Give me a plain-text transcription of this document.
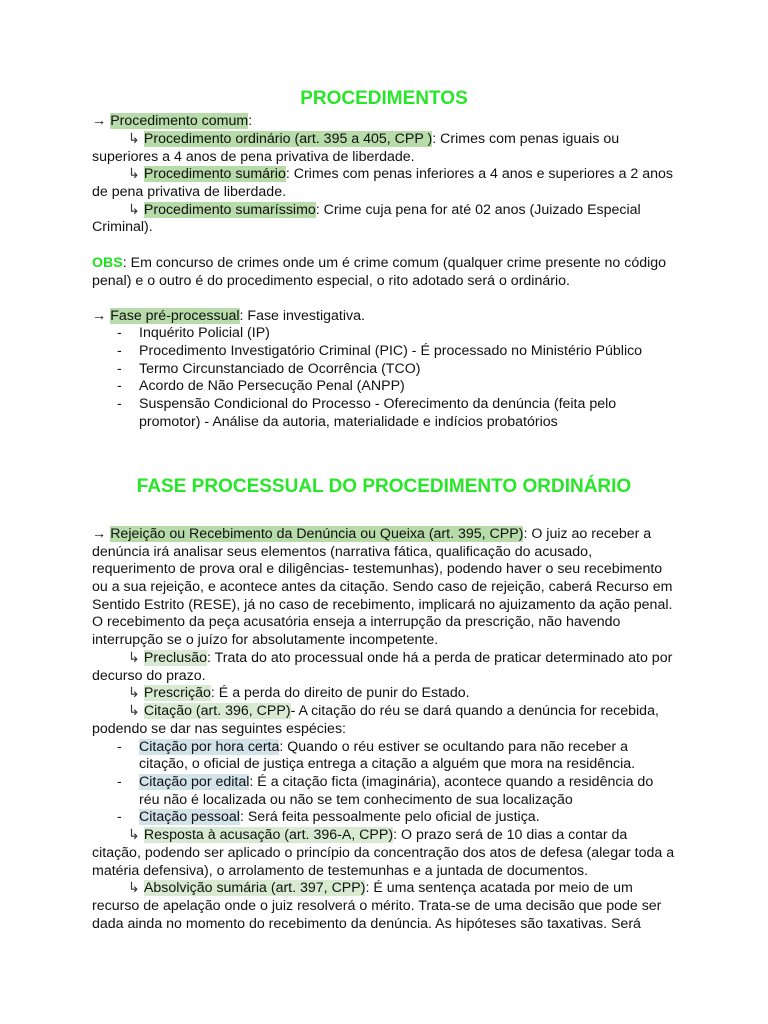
PROCEDIMENTOS
→ Procedimento comum:
↳ Procedimento ordinário (art. 395 a 405, CPP ): Crimes com penas iguais ou
superiores a 4 anos de pena privativa de liberdade.
↳ Procedimento sumário: Crimes com penas inferiores a 4 anos e superiores a 2 anos
de pena privativa de liberdade.
↳ Procedimento sumaríssimo: Crime cuja pena for até 02 anos (Juizado Especial
Criminal).
OBS: Em concurso de crimes onde um é crime comum (qualquer crime presente no código
penal) e o outro é do procedimento especial, o rito adotado será o ordinário.
→ Fase pré-processual: Fase investigativa.
- Inquérito Policial (IP)
- Procedimento Investigatório Criminal (PIC) - É processado no Ministério Público
- Termo Circunstanciado de Ocorrência (TCO)
- Acordo de Não Persecução Penal (ANPP)
- Suspensão Condicional do Processo - Oferecimento da denúncia (feita pelo
promotor) - Análise da autoria, materialidade e indícios probatórios
FASE PROCESSUAL DO PROCEDIMENTO ORDINÁRIO
→ Rejeição ou Recebimento da Denúncia ou Queixa (art. 395, CPP): O juiz ao receber a
denúncia irá analisar seus elementos (narrativa fática, qualificação do acusado,
requerimento de prova oral e diligências- testemunhas), podendo haver o seu recebimento
ou a sua rejeição, e acontece antes da citação. Sendo caso de rejeição, caberá Recurso em
Sentido Estrito (RESE), já no caso de recebimento, implicará no ajuizamento da ação penal.
O recebimento da peça acusatória enseja a interrupção da prescrição, não havendo
interrupção se o juízo for absolutamente incompetente.
↳ Preclusão: Trata do ato processual onde há a perda de praticar determinado ato por
decurso do prazo.
↳ Prescrição: É a perda do direito de punir do Estado.
↳ Citação (art. 396, CPP)- A citação do réu se dará quando a denúncia for recebida,
podendo se dar nas seguintes espécies:
- Citação por hora certa: Quando o réu estiver se ocultando para não receber a
citação, o oficial de justiça entrega a citação a alguém que mora na residência.
- Citação por edital: É a citação ficta (imaginária), acontece quando a residência do
réu não é localizada ou não se tem conhecimento de sua localização
- Citação pessoal: Será feita pessoalmente pelo oficial de justiça.
↳ Resposta à acusação (art. 396-A, CPP): O prazo será de 10 dias a contar da
citação, podendo ser aplicado o princípio da concentração dos atos de defesa (alegar toda a
matéria defensiva), o arrolamento de testemunhas e a juntada de documentos.
↳ Absolvição sumária (art. 397, CPP): É uma sentença acatada por meio de um
recurso de apelação onde o juiz resolverá o mérito. Trata-se de uma decisão que pode ser
dada ainda no momento do recebimento da denúncia. As hipóteses são taxativas. Será
